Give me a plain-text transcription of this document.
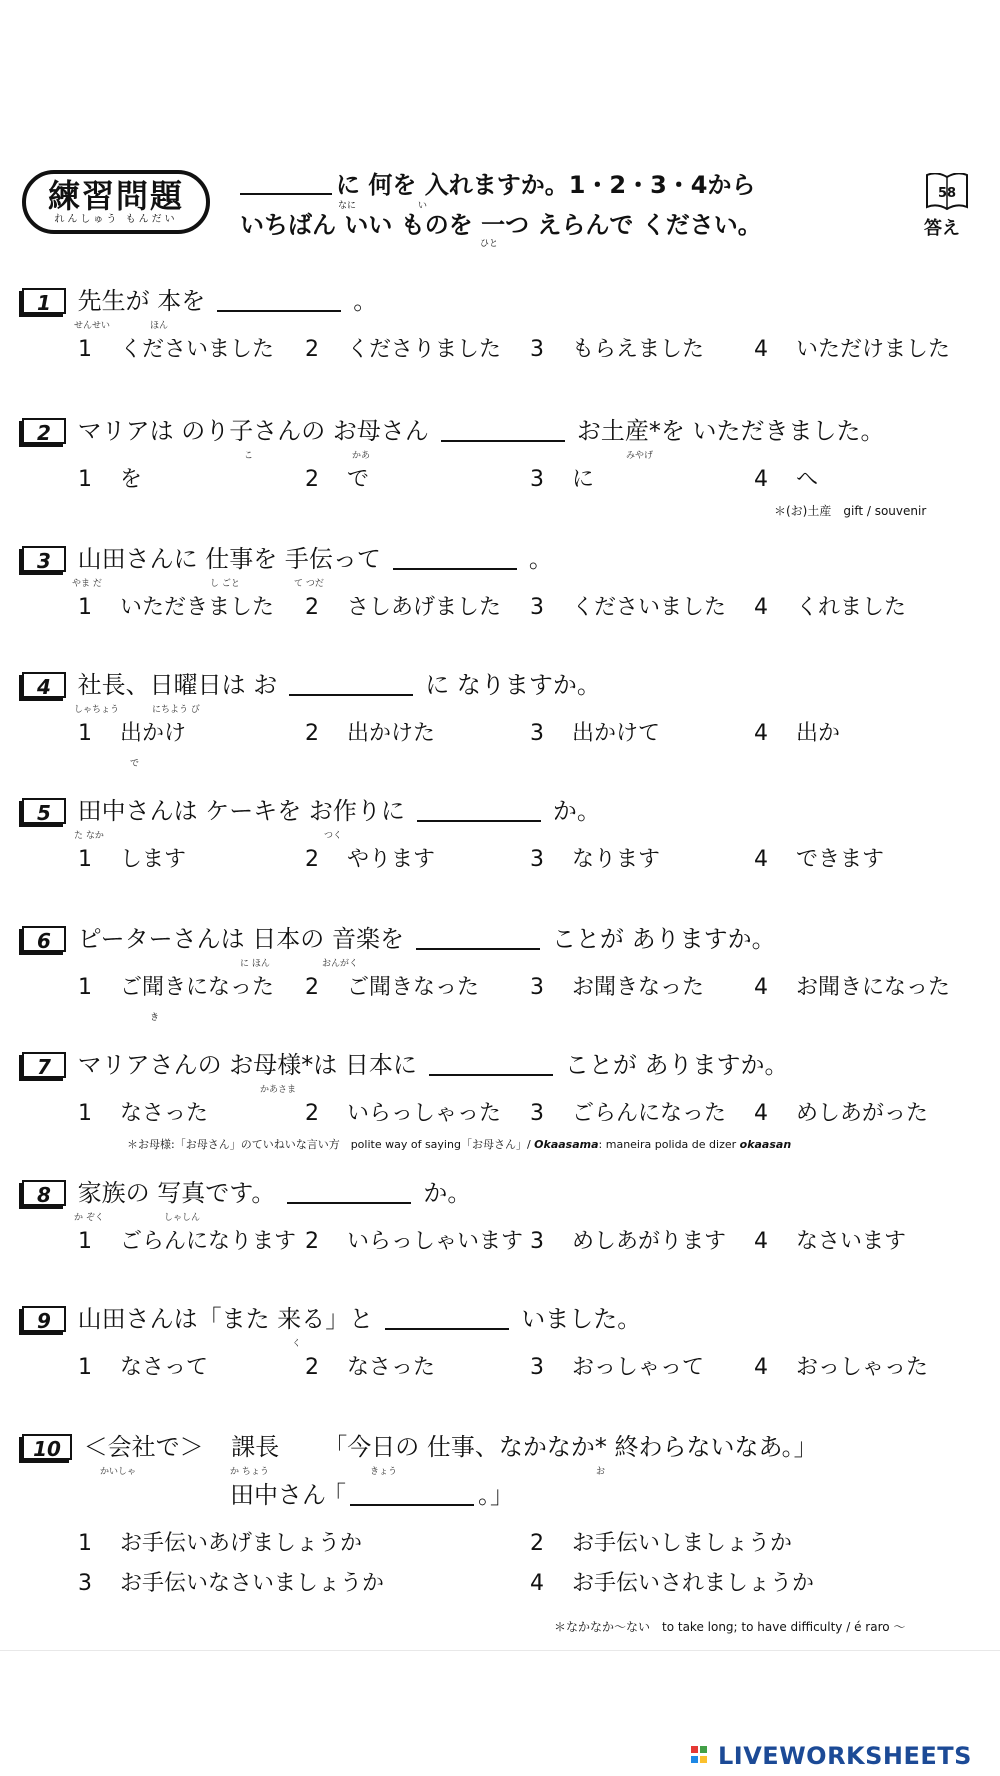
練習問題
れんしゅう もんだい
に 何を 入れますか。1・2・3・4から
なに	い
いちばん いい ものを 一つ えらんで ください。
ひと
58
答え
1 先生が 本を	。
せんせい	ほん
1 くださいました 2 くださりました 3 もらえました 4 いただけました
2 マリアは のり子さんの お母さん	お土産*を いただきました。
こ	かあ	みやげ
1 を	2 で	3 に	4 へ
＊(お)土産　gift / souvenir
3 山田さんに 仕事を 手伝って	。
やま だ	し ごと	て つだ
1 いただきました 2 さしあげました 3 くださいました 4 くれました
4 社長、日曜日は お	に なりますか。
しゃちょう	にちよう び
1 出かけ	2 出かけた	3 出かけて	4 出か
で
5 田中さんは ケーキを お作りに	か。
た なか	つく
1 します	2 やります	3 なります	4 できます
6 ピーターさんは 日本の 音楽を	ことが ありますか。
に ほん	おんがく
1 ご聞きになった 2 ご聞きなった 3 お聞きなった 4 お聞きになった
き
7 マリアさんの お母様*は 日本に	ことが ありますか。
かあさま
1 なさった	2 いらっしゃった 3 ごらんになった 4 めしあがった
＊お母様:「お母さん」のていねいな言い方　polite way of saying「お母さん」/ Okaasama: maneira polida de dizer okaasan
8 家族の 写真です。	か。
か ぞく	しゃしん
1 ごらんになります 2 いらっしゃいます 3 めしあがります 4 なさいます
9 山田さんは「また 来る」と	いました。
く
1 なさって	2 なさった	3 おっしゃって 4 おっしゃった
10 ＜会社で＞ 課長 「今日の 仕事、なかなか* 終わらないなあ。」
かいしゃ	か ちょう	きょう	お
田中さん「	。」
1 お手伝いあげましょうか	2 お手伝いしましょうか
3 お手伝いなさいましょうか	4 お手伝いされましょうか
＊なかなか～ない　to take long; to have difficulty / é raro ～
LIVEWORKSHEETS
